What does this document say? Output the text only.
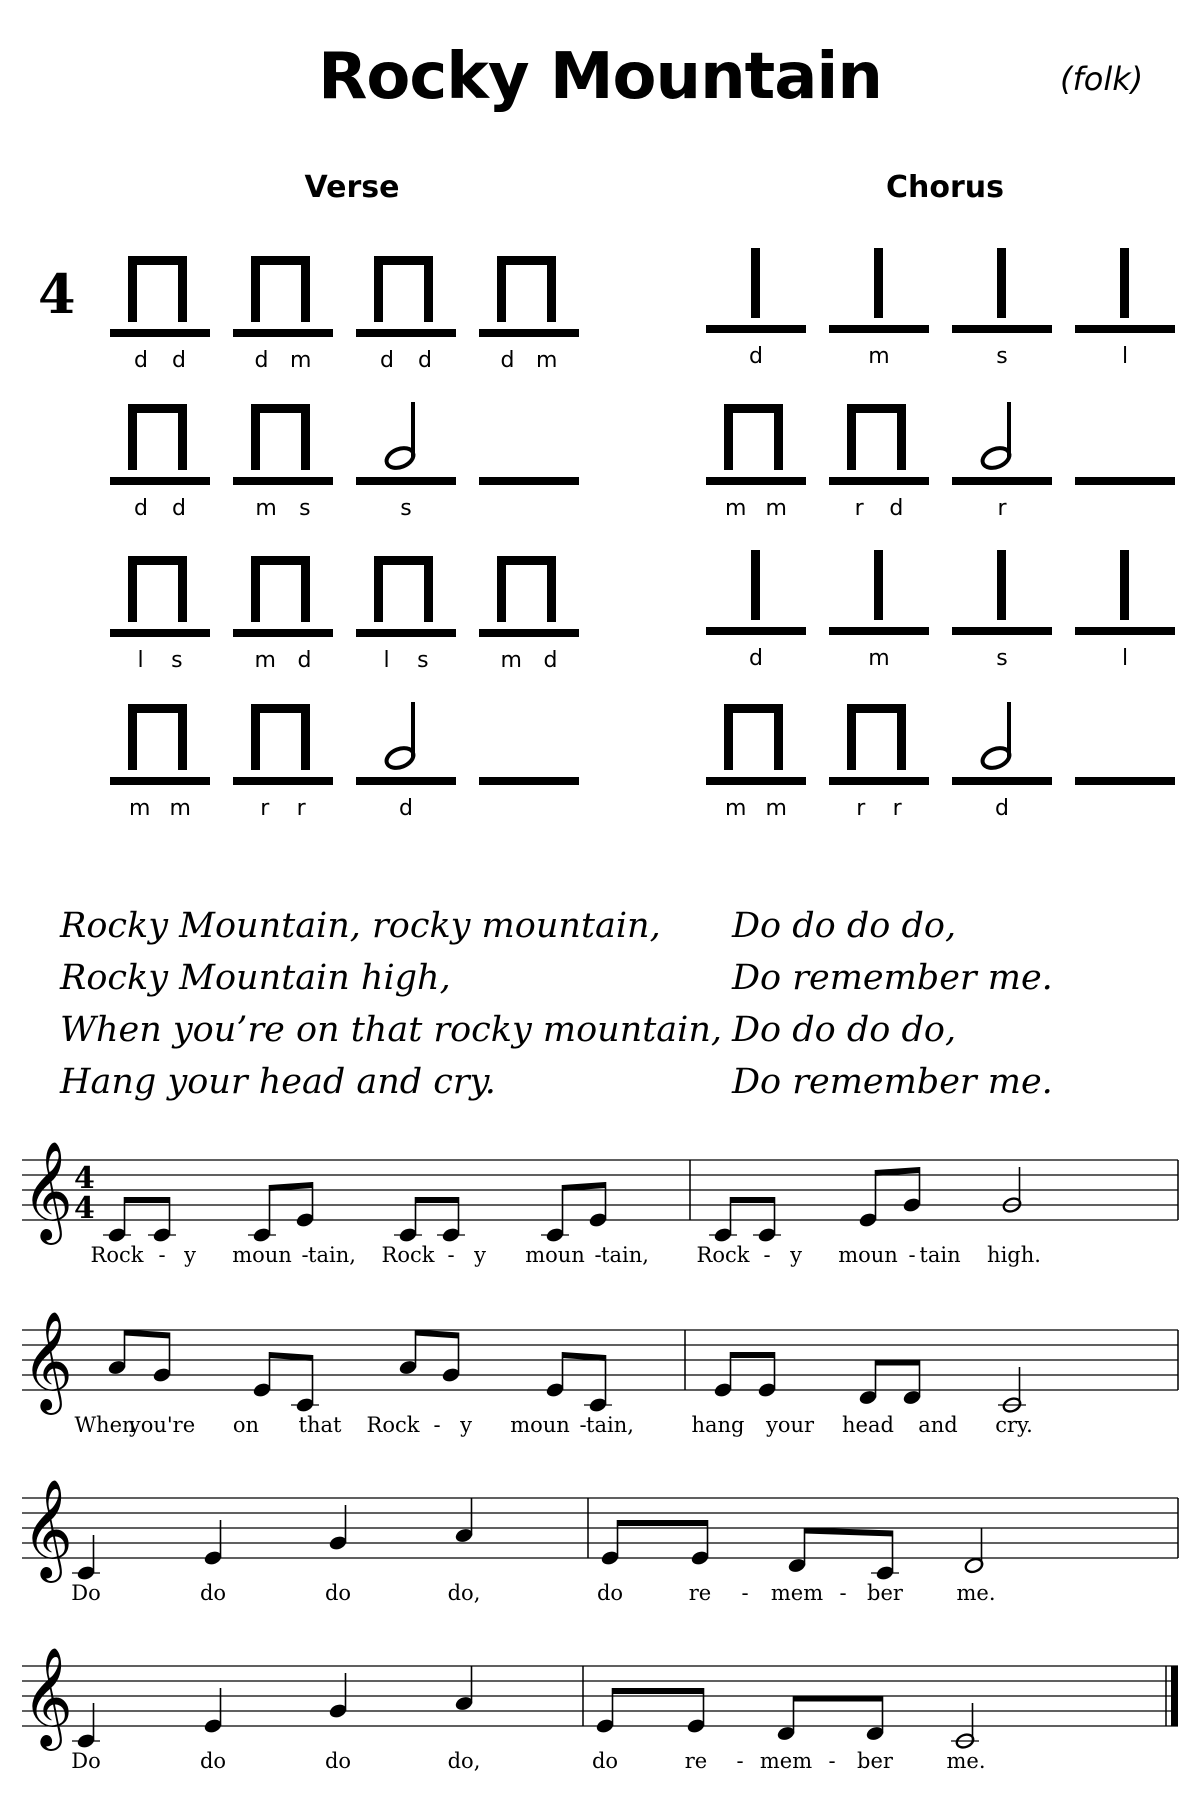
Rocky Mountain	(folk)
Verse	Chorus
4
d d	d m	d d	d m
d d	m s	s
l s	m d	l s	m d
m m	r r	d
d	m	s	l
m m	r d	r
d	m	s	l
m m	r r	d
Rocky Mountain, rocky mountain,
Rocky Mountain high,
When you’re on that rocky mountain,
Hang your head and cry.
Do do do do,
Do remember me.
Do do do do,
Do remember me.
𝄞 4
4
Rock - y moun - tain, Rock - y moun - tain, Rock - y moun - tain high.
𝄞
When
you're on that Rock - y moun - tain,	hang your head and cry.
𝄞
Do	do	do	do,	do	re - mem - ber	me.
𝄞
Do	do	do	do,	do	re - mem - ber	me.
